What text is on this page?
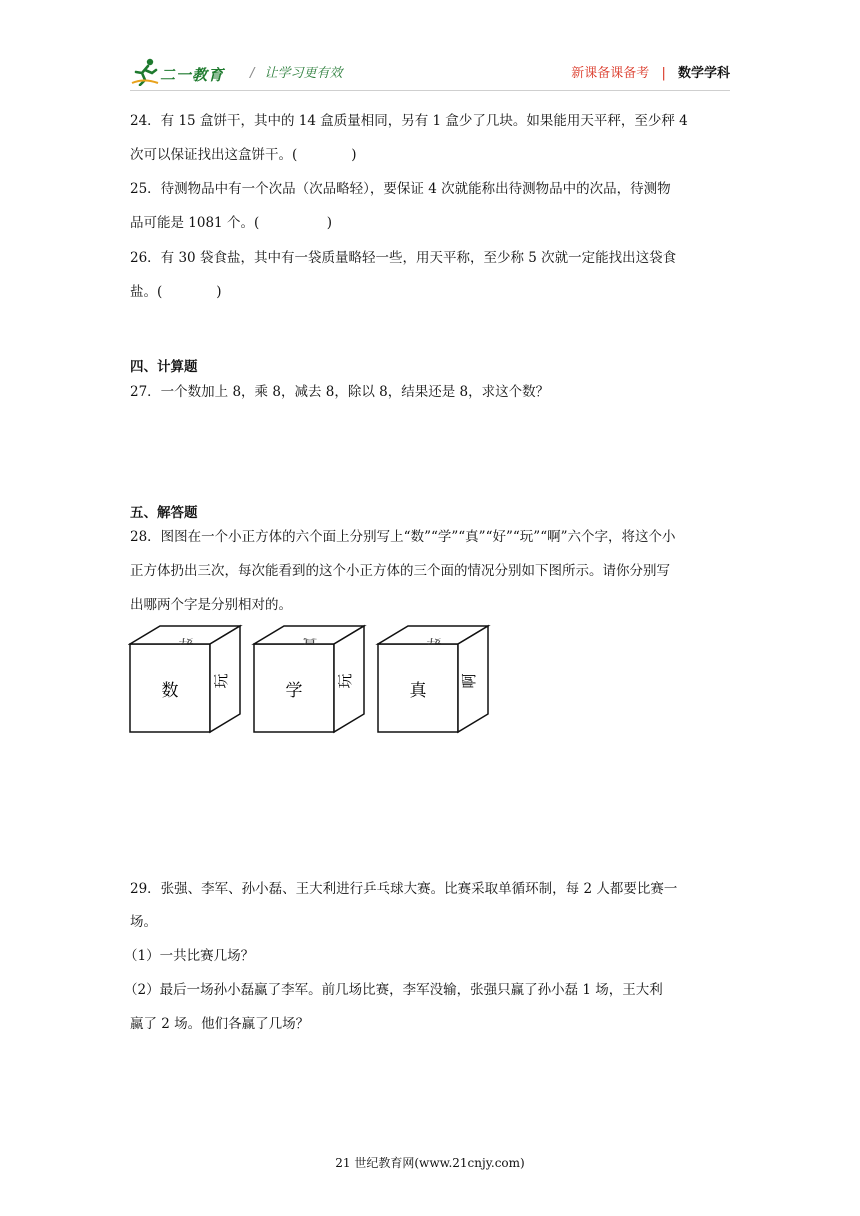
二一教育 / 让学习更有效	新课备课备考 | 数学学科

24．有 15 盒饼干，其中的 14 盒质量相同，另有 1 盒少了几块。如果能用天平秤，至少秤 4

次可以保证找出这盒饼干。(　　　　)

25．待测物品中有一个次品（次品略轻），要保证 4 次就能称出待测物品中的次品，待测物

品可能是 1081 个。(　　　　　)

26．有 30 袋食盐，其中有一袋质量略轻一些，用天平称，至少称 5 次就一定能找出这袋食

盐。(　　　　)

四、计算题

27．一个数加上 8，乘 8，减去 8，除以 8，结果还是 8，求这个数？

五、解答题

28．图图在一个小正方体的六个面上分别写上“数”“学”“真”“好”“玩”“啊”六个字，将这个小

正方体扔出三次，每次能看到的这个小正方体的三个面的情况分别如下图所示。请你分别写

出哪两个字是分别相对的。

数 玩
好
学 玩
真
真 啊
好

29．张强、李军、孙小磊、王大利进行乒乓球大赛。比赛采取单循环制，每 2 人都要比赛一

场。

（1）一共比赛几场？

（2）最后一场孙小磊赢了李军。前几场比赛，李军没输，张强只赢了孙小磊 1 场，王大利

赢了 2 场。他们各赢了几场？

21 世纪教育网(www.21cnjy.com)
